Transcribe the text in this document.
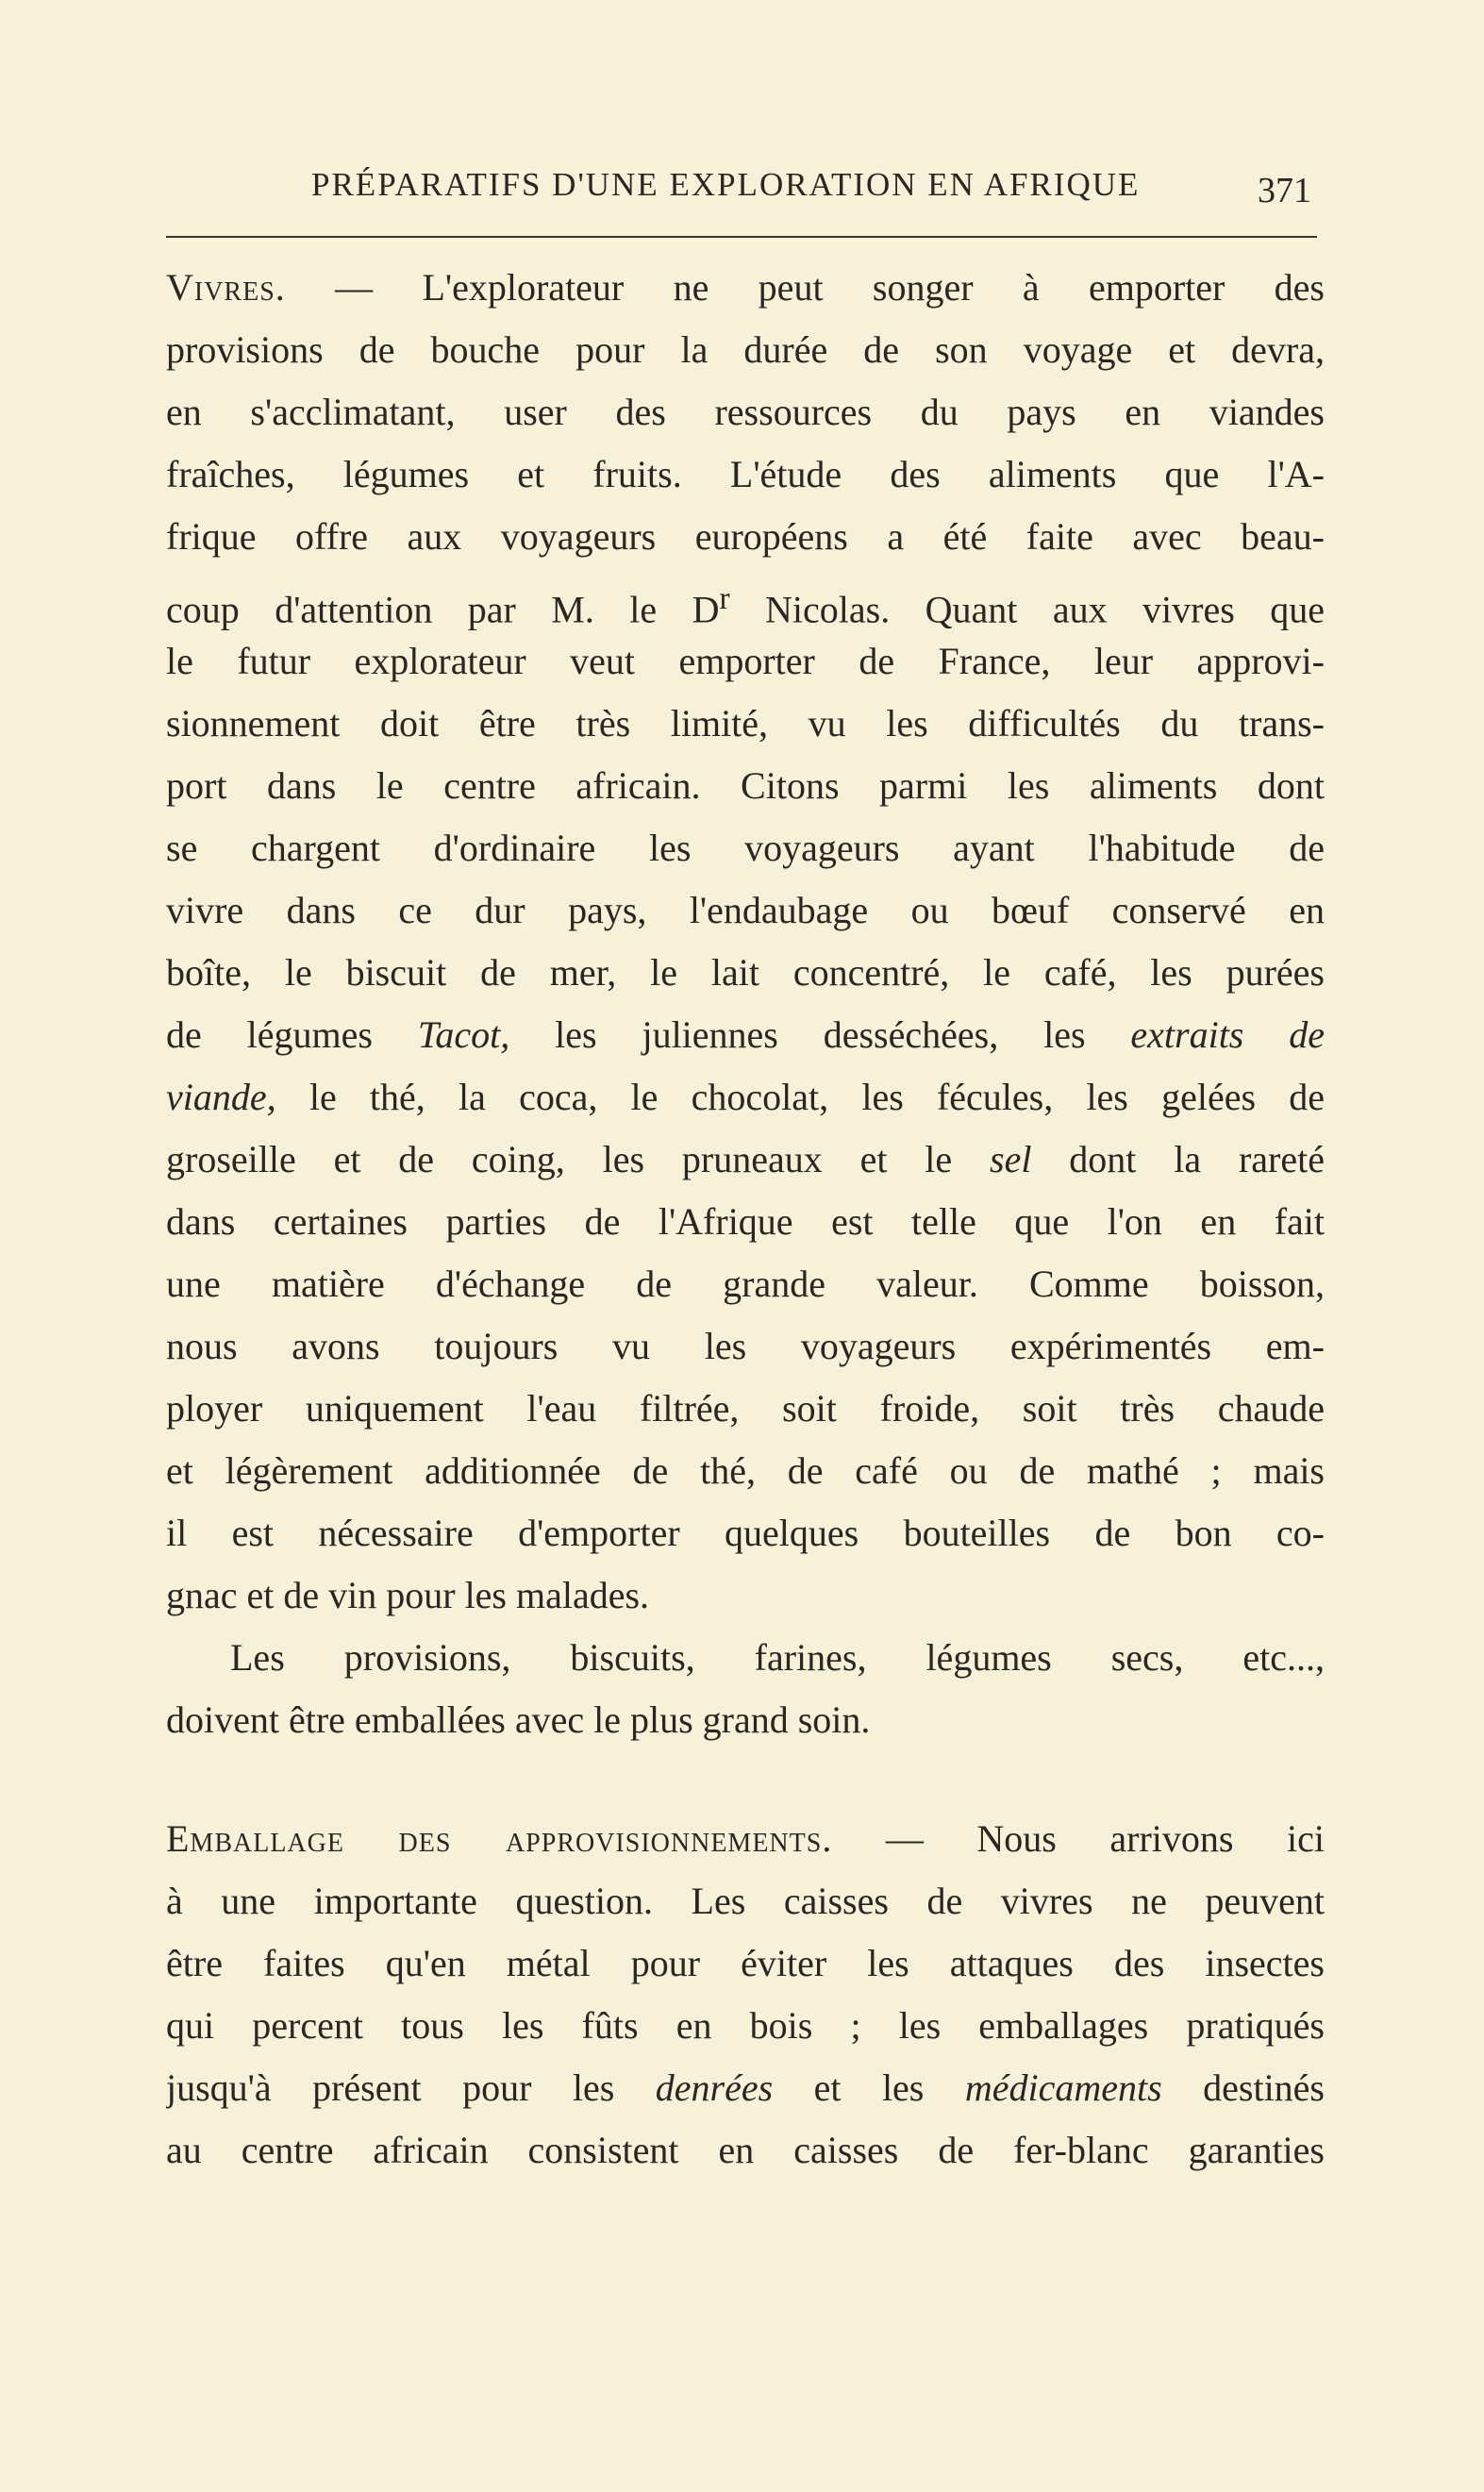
PRÉPARATIFS D'UNE EXPLORATION EN AFRIQUE	371
Vivres. — L'explorateur ne peut songer à emporter des
provisions de bouche pour la durée de son voyage et devra,
en s'acclimatant, user des ressources du pays en viandes
fraîches, légumes et fruits. L'étude des aliments que l'A-
frique offre aux voyageurs européens a été faite avec beau-
coup d'attention par M. le $D^r$ Nicolas. Quant aux vivres que
le futur explorateur veut emporter de France, leur approvi-
sionnement doit être très limité, vu les difficultés du trans-
port dans le centre africain. Citons parmi les aliments dont
se chargent d'ordinaire les voyageurs ayant l'habitude de
vivre dans ce dur pays, l'endaubage ou bœuf conservé en
boîte, le biscuit de mer, le lait concentré, le café, les purées
de légumes Tacot, les juliennes desséchées, les extraits de
viande, le thé, la coca, le chocolat, les fécules, les gelées de
groseille et de coing, les pruneaux et le sel dont la rareté
dans certaines parties de l'Afrique est telle que l'on en fait
une matière d'échange de grande valeur. Comme boisson,
nous avons toujours vu les voyageurs expérimentés em-
ployer uniquement l'eau filtrée, soit froide, soit très chaude
et légèrement additionnée de thé, de café ou de mathé ; mais
il est nécessaire d'emporter quelques bouteilles de bon co-
gnac et de vin pour les malades.
Les provisions, biscuits, farines, légumes secs, etc...,
doivent être emballées avec le plus grand soin.
Emballage des approvisionnements. — Nous arrivons ici
à une importante question. Les caisses de vivres ne peuvent
être faites qu'en métal pour éviter les attaques des insectes
qui percent tous les fûts en bois ; les emballages pratiqués
jusqu'à présent pour les denrées et les médicaments destinés
au centre africain consistent en caisses de fer-blanc garanties
